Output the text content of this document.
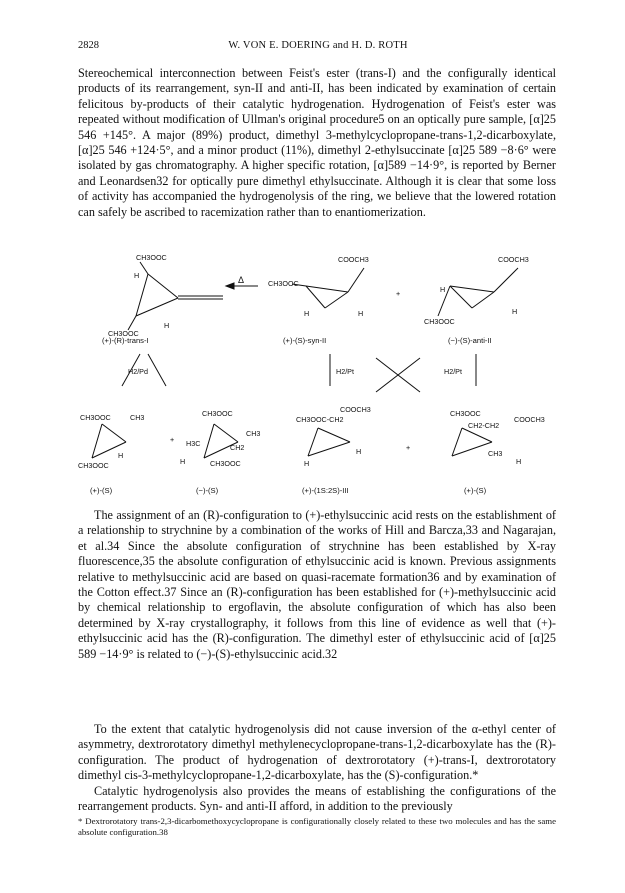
2828	W. VON E. DOERING and H. D. ROTH

Stereochemical interconnection between Feist's ester (trans-I) and the configurally identical products of its rearrangement, syn-II and anti-II, has been indicated by examination of certain felicitous by-products of their catalytic hydrogenation. Hydrogenation of Feist's ester was repeated without modification of Ullman's original procedure5 on an optically pure sample, [α]25 546 +145°. A major (89%) product, dimethyl 3-methylcyclopropane-trans-1,2-dicarboxylate, [α]25 546 +124·5°, and a minor product (11%), dimethyl 2-ethylsuccinate [α]25 589 −8·6° were isolated by gas chromatography. A higher specific rotation, [α]589 −14·9°, is reported by Berner and Leonardsen32 for optically pure dimethyl ethylsuccinate. Although it is clear that some loss of activity has accompanied the hydrogenolysis of the ring, we believe that the lowered rotation can safely be ascribed to racemization rather than to enantiomerization.

CH3OOC
H
CH3OOC
H
Δ	CH3OOC
COOCH3
H	H
+
COOCH3
CH3OOC
H
H
(+)-(R)-trans-I	(+)-(S)-syn-II	(−)-(S)-anti-II
H2/Pd	H2/Pt	H2/Pt
CH3OOC	CH3
CH3OOC
H
+
CH3OOC
CH3
H3C	CH2
CH3OOC
H
CH3OOC-CH2
COOCH3
H
H	+
CH3OOC
CH2-CH2
COOCH3
CH3
H
(+)-(S)	(−)-(S)	(+)-(1S:2S)-III	(+)-(S)

The assignment of an (R)-configuration to (+)-ethylsuccinic acid rests on the establishment of a relationship to strychnine by a combination of the works of Hill and Barcza,33 and Nagarajan, et al.34 Since the absolute configuration of strychnine has been established by X-ray fluorescence,35 the absolute configuration of ethylsuccinic acid is known. Previous assignments relative to methylsuccinic acid are based on quasi-racemate formation36 and by examination of the Cotton effect.37 Since an (R)-configuration has been established for (+)-methylsuccinic acid by chemical relationship to ergoflavin, the absolute configuration of which has also been determined by X-ray crystallography, it follows from this line of evidence as well that (+)-ethylsuccinic acid has the (R)-configuration. The dimethyl ester of ethylsuccinic acid of [α]25 589 −14·9° is related to (−)-(S)-ethylsuccinic acid.32

To the extent that catalytic hydrogenolysis did not cause inversion of the α-ethyl center of asymmetry, dextrorotatory dimethyl methylenecyclopropane-trans-1,2-dicarboxylate has the (R)-configuration. The product of hydrogenation of dextrorotatory (+)-trans-I, dextrorotatory dimethyl cis-3-methylcyclopropane-1,2-dicarboxylate, has the (S)-configuration.*

Catalytic hydrogenolysis also provides the means of establishing the configurations of the rearrangement products. Syn- and anti-II afford, in addition to the previously

* Dextrorotatory trans-2,3-dicarbomethoxycyclopropane is configurationally closely related to these two molecules and has the same absolute configuration.38
